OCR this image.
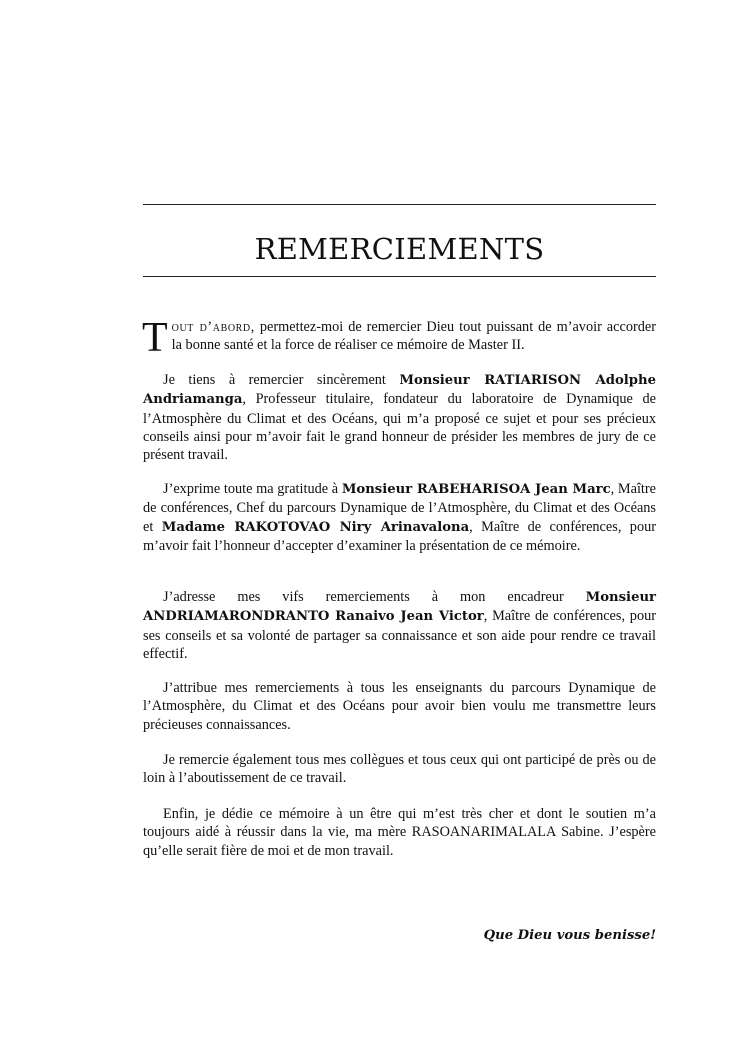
REMERCIEMENTS

Tout d’abord, permettez-moi de remercier Dieu tout puissant de m’avoir accorder la bonne santé et la force de réaliser ce mémoire de Master II.

Je tiens à remercier sincèrement Monsieur RATIARISON Adolphe Andriamanga, Professeur titulaire, fondateur du laboratoire de Dynamique de l’Atmosphère du Climat et des Océans, qui m’a proposé ce sujet et pour ses précieux conseils ainsi pour m’avoir fait le grand honneur de présider les membres de jury de ce présent travail.

J’exprime toute ma gratitude à Monsieur RABEHARISOA Jean Marc, Maître de conférences, Chef du parcours Dynamique de l’Atmosphère, du Climat et des Océans et Madame RAKOTOVAO Niry Arinavalona, Maître de conférences, pour m’avoir fait l’honneur d’accepter d’examiner la présentation de ce mémoire.

J’adresse mes vifs remerciements à mon encadreur Monsieur ANDRIAMARONDRANTO Ranaivo Jean Victor, Maître de conférences, pour ses conseils et sa volonté de partager sa connaissance et son aide pour rendre ce travail effectif.

J’attribue mes remerciements à tous les enseignants du parcours Dynamique de l’Atmosphère, du Climat et des Océans pour avoir bien voulu me transmettre leurs précieuses connaissances.

Je remercie également tous mes collègues et tous ceux qui ont participé de près ou de loin à l’aboutissement de ce travail.

Enfin, je dédie ce mémoire à un être qui m’est très cher et dont le soutien m’a toujours aidé à réussir dans la vie, ma mère RASOANARIMALALA Sabine. J’espère qu’elle serait fière de moi et de mon travail.

Que Dieu vous benisse!
